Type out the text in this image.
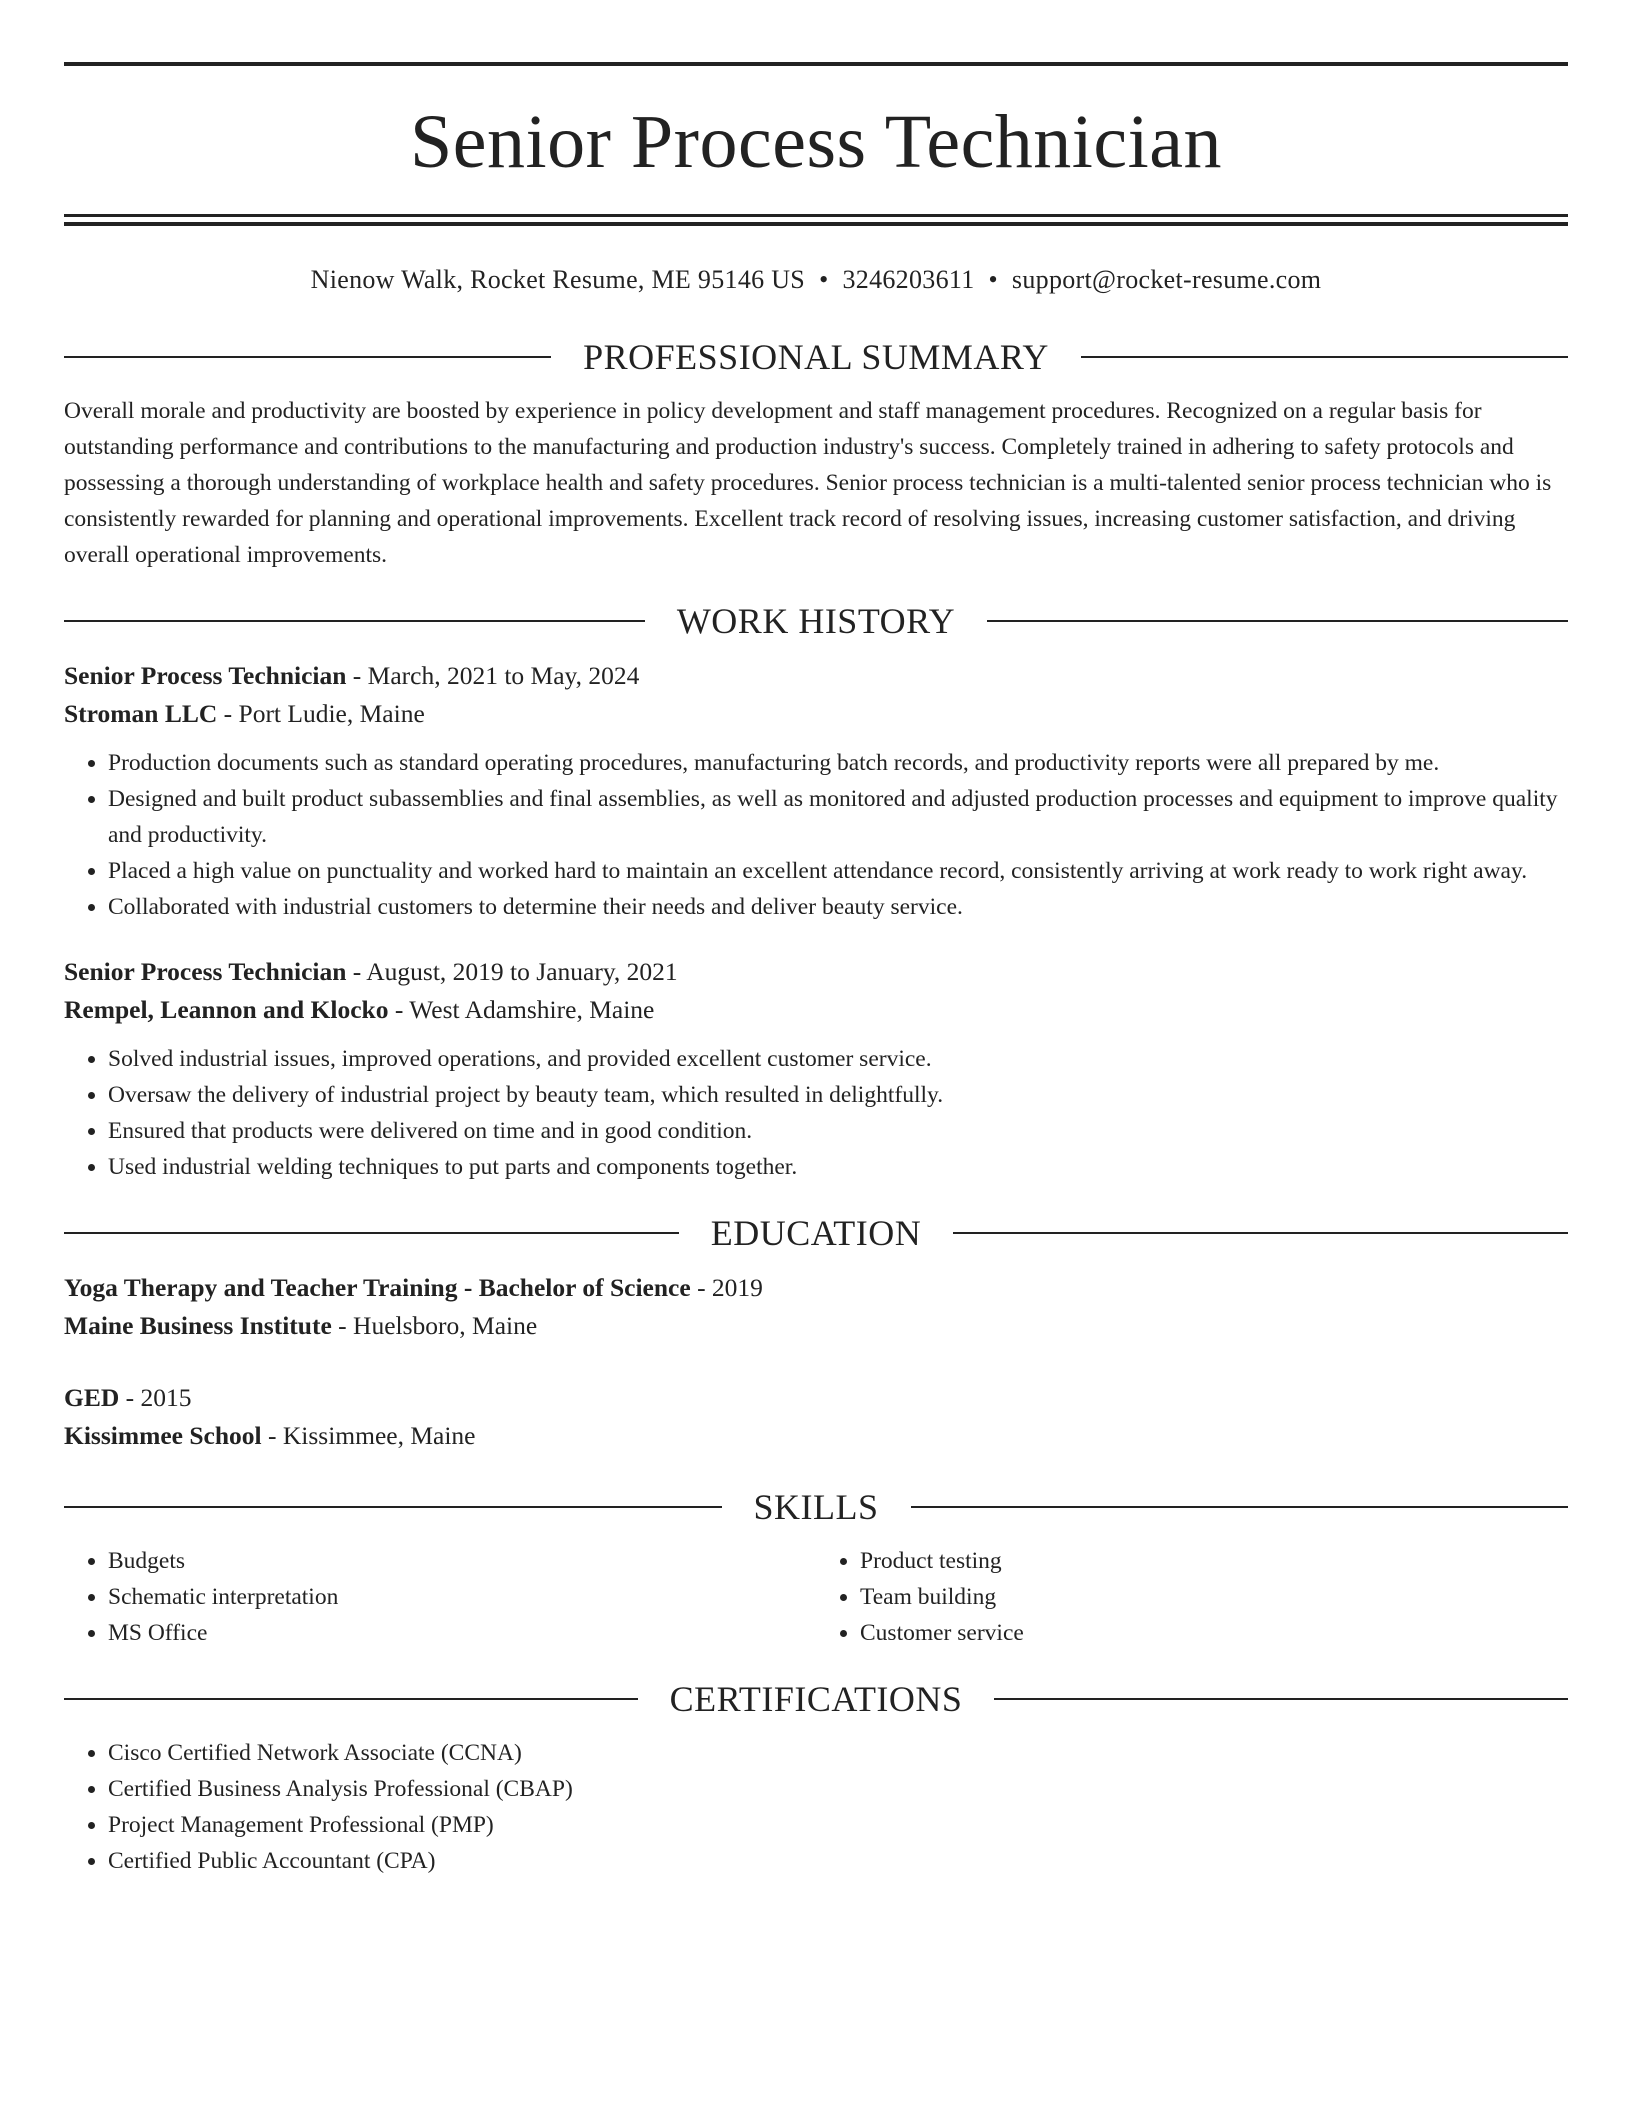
Senior Process Technician
Nienow Walk, Rocket Resume, ME 95146 US • 3246203611 • support@rocket-resume.com
PROFESSIONAL SUMMARY

Overall morale and productivity are boosted by experience in policy development and staff management procedures. Recognized on a regular basis for outstanding performance and contributions to the manufacturing and production industry's success. Completely trained in adhering to safety protocols and possessing a thorough understanding of workplace health and safety procedures. Senior process technician is a multi-talented senior process technician who is consistently rewarded for planning and operational improvements. Excellent track record of resolving issues, increasing customer satisfaction, and driving overall operational improvements.

WORK HISTORY
Senior Process Technician - March, 2021 to May, 2024
Stroman LLC - Port Ludie, Maine
• Production documents such as standard operating procedures, manufacturing batch records, and productivity reports were all prepared by me.
• Designed and built product subassemblies and final assemblies, as well as monitored and adjusted production processes and equipment to improve quality and productivity.
• Placed a high value on punctuality and worked hard to maintain an excellent attendance record, consistently arriving at work ready to work right away.
• Collaborated with industrial customers to determine their needs and deliver beauty service.
Senior Process Technician - August, 2019 to January, 2021
Rempel, Leannon and Klocko - West Adamshire, Maine
• Solved industrial issues, improved operations, and provided excellent customer service.
• Oversaw the delivery of industrial project by beauty team, which resulted in delightfully.
• Ensured that products were delivered on time and in good condition.
• Used industrial welding techniques to put parts and components together.
EDUCATION
Yoga Therapy and Teacher Training - Bachelor of Science - 2019
Maine Business Institute - Huelsboro, Maine
GED - 2015
Kissimmee School - Kissimmee, Maine
SKILLS
• Budgets
• Schematic interpretation
• MS Office
• Product testing
• Team building
• Customer service
CERTIFICATIONS
• Cisco Certified Network Associate (CCNA)
• Certified Business Analysis Professional (CBAP)
• Project Management Professional (PMP)
• Certified Public Accountant (CPA)
